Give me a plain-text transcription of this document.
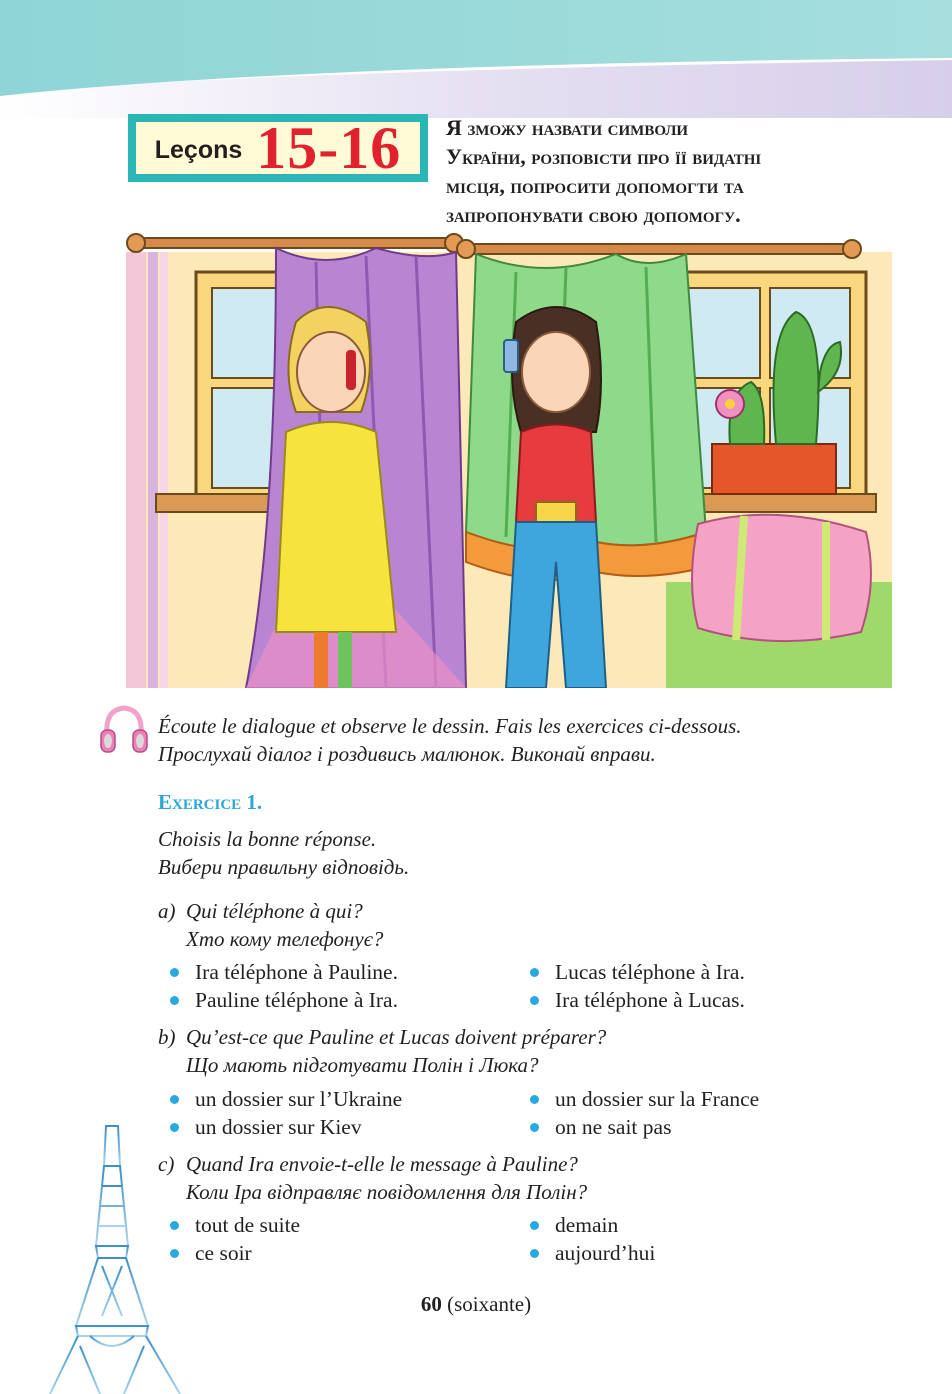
Leçons 15-16 Я зможу назвати символи
України, розповісти про її видатні
місця, попросити допомогти та
запропонувати свою допомогу.
Écoute le dialogue et observe le dessin. Fais les exercices ci-dessous.
Прослухай діалог і роздивись малюнок. Виконай вправи.
Exercice 1.
Choisis la bonne réponse.
Вибери правильну відповідь.
a) Qui téléphone à qui?
Хто кому телефонує?
Ira téléphone à Pauline.	Lucas téléphone à Ira.
Pauline téléphone à Ira.	Ira téléphone à Lucas.
b) Qu’est-ce que Pauline et Lucas doivent préparer?
Що мають підготувати Полін і Люка?
un dossier sur l’Ukraine	un dossier sur la France
un dossier sur Kiev	on ne sait pas
c) Quand Ira envoie-t-elle le message à Pauline?
Коли Іра відправляє повідомлення для Полін?
tout de suite	demain
ce soir	aujourd’hui
60 (soixante)
